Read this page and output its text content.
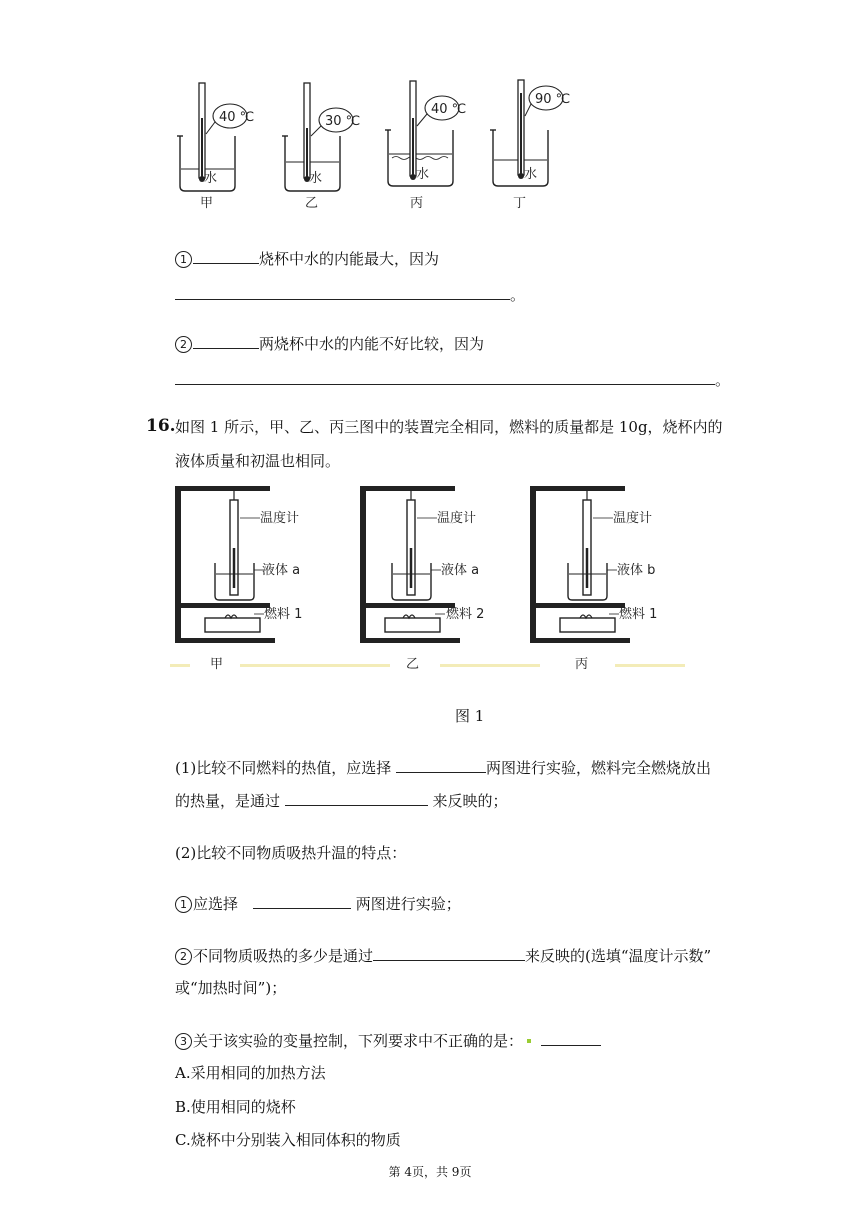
40 ℃	30 ℃
40 ℃
90 ℃
水	水	水	水
甲	乙	丙	丁
1	烧杯中水的内能最大，因为
。
2	两烧杯中水的内能不好比较，因为
。
16. 如图 1 所示，甲、乙、丙三图中的装置完全相同，燃料的质量都是 10g，烧杯内的
液体质量和初温也相同。
温度计
液体 a
燃料 1
温度计
液体 a
燃料 2
温度计
液体 b
燃料 1
甲	乙	丙
图 1
(1)比较不同燃料的热值，应选择	两图进行实验，燃料完全燃烧放出
的热量，是通过	来反映的；
(2)比较不同物质吸热升温的特点：
1 应选择　	两图进行实验；
2 不同物质吸热的多少是通过	来反映的(选填“温度计示数”
或“加热时间”)；
3 关于该实验的变量控制，下列要求中不正确的是：
A.采用相同的加热方法
B.使用相同的烧杯
C.烧杯中分别装入相同体积的物质
第 4页，共 9页
